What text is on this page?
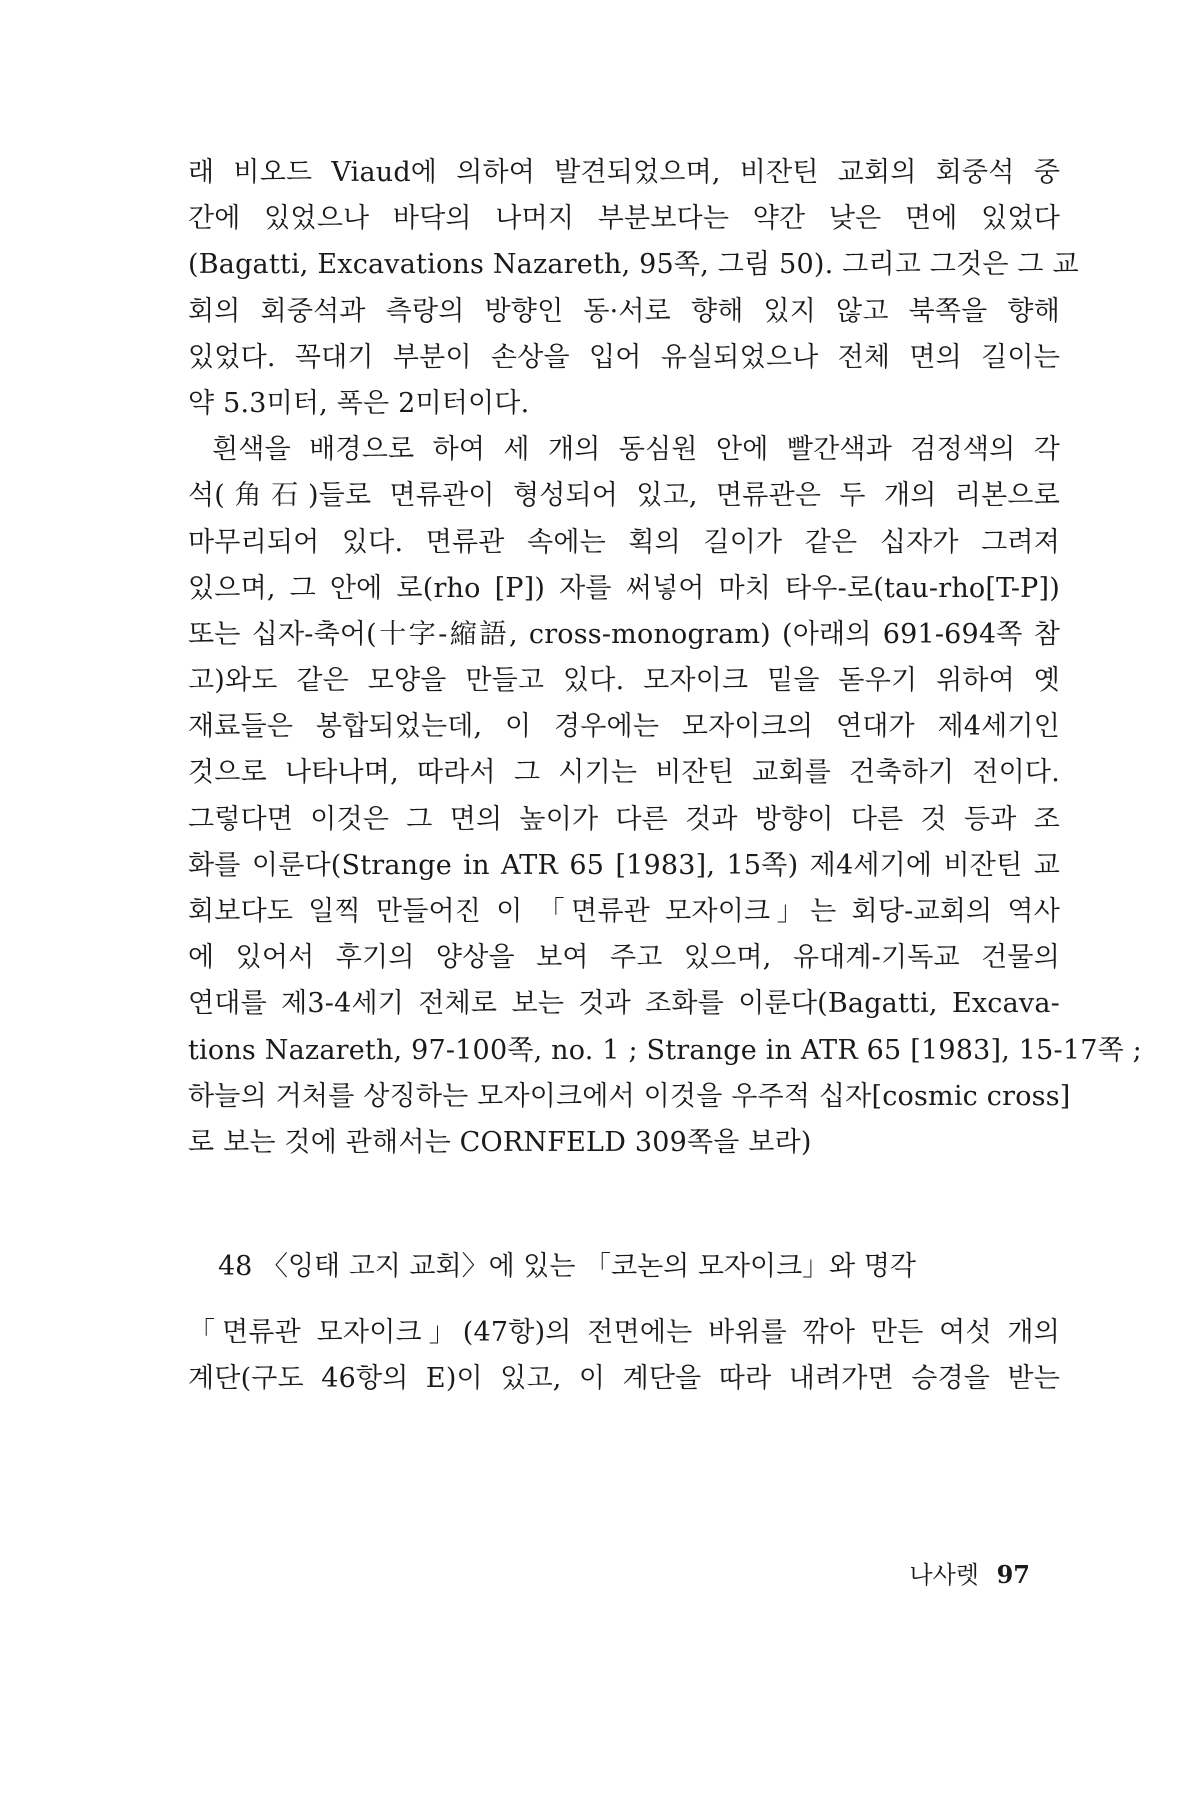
래 비오드 Viaud에 의하여 발견되었으며, 비잔틴 교회의 회중석 중
간에 있었으나 바닥의 나머지 부분보다는 약간 낮은 면에 있었다
(Bagatti, Excavations Nazareth, 95쪽, 그림 50). 그리고 그것은 그 교
회의 회중석과 측랑의 방향인 동·서로 향해 있지 않고 북쪽을 향해
있었다. 꼭대기 부분이 손상을 입어 유실되었으나 전체 면의 길이는
약 5.3미터, 폭은 2미터이다.
흰색을 배경으로 하여 세 개의 동심원 안에 빨간색과 검정색의 각
석(角石)들로 면류관이 형성되어 있고, 면류관은 두 개의 리본으로
마무리되어 있다. 면류관 속에는 획의 길이가 같은 십자가 그려져
있으며, 그 안에 로(rho [P]) 자를 써넣어 마치 타우-로(tau-rho[T-P])
또는 십자-축어(十字-縮語, cross-monogram) (아래의 691-694쪽 참
고)와도 같은 모양을 만들고 있다. 모자이크 밑을 돋우기 위하여 옛
재료들은 봉합되었는데, 이 경우에는 모자이크의 연대가 제4세기인
것으로 나타나며, 따라서 그 시기는 비잔틴 교회를 건축하기 전이다.
그렇다면 이것은 그 면의 높이가 다른 것과 방향이 다른 것 등과 조
화를 이룬다(Strange in ATR 65 [1983], 15쪽) 제4세기에 비잔틴 교
회보다도 일찍 만들어진 이 「면류관 모자이크」는 회당-교회의 역사
에 있어서 후기의 양상을 보여 주고 있으며, 유대계-기독교 건물의
연대를 제3-4세기 전체로 보는 것과 조화를 이룬다(Bagatti, Excava-
tions Nazareth, 97-100쪽, no. 1 ; Strange in ATR 65 [1983], 15-17쪽 ;
하늘의 거처를 상징하는 모자이크에서 이것을 우주적 십자[cosmic cross]
로 보는 것에 관해서는 CORNFELD 309쪽을 보라)
48 〈잉태 고지 교회〉에 있는 「코논의 모자이크」와 명각
「면류관 모자이크」(47항)의 전면에는 바위를 깎아 만든 여섯 개의
계단(구도 46항의 E)이 있고, 이 계단을 따라 내려가면 승경을 받는
나사렛 97
